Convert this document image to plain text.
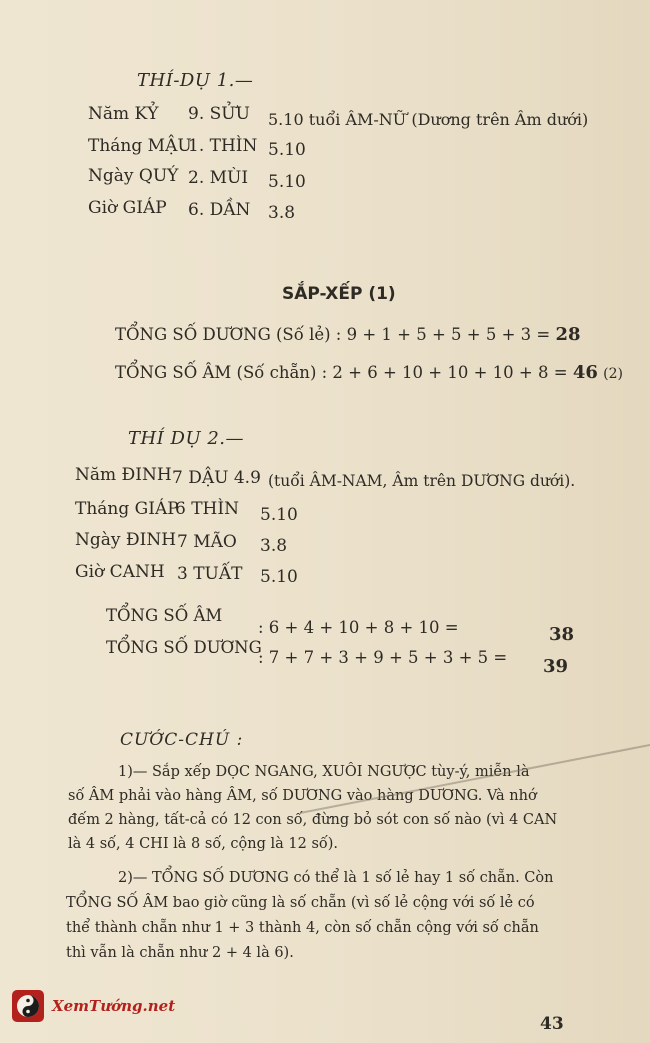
THÍ-DỤ 1.—
Năm KỶ 9. SỬU 5.10 tuổi ÂM-NỮ (Dương trên Âm dưới)
Tháng MẬU
1. THÌN 5.10
Ngày QUÝ 2. MÙI 5.10
Giờ GIÁP 6. DẦN 3.8
SẮP-XẾP (1)
TỔNG SỐ DƯƠNG (Số lẻ) : 9 + 1 + 5 + 5 + 5 + 3 = 28
TỔNG SỐ ÂM (Số chẵn) : 2 + 6 + 10 + 10 + 10 + 8 = 46 (2)
THÍ DỤ 2.—
Năm ĐINH 7 DẬU 4.9 (tuổi ÂM-NAM, Âm trên DƯƠNG dưới).
Tháng GIÁP
6 THÌN 5.10
Ngày ĐINH 7 MÃO 3.8
Giờ CANH 3 TUẤT 5.10
TỔNG SỐ ÂM
: 6 + 4 + 10 + 8 + 10 =	38
TỔNG SỐ DƯƠNG
: 7 + 7 + 3 + 9 + 5 + 3 + 5 = 39
CƯỚC-CHÚ :
1)— Sắp xếp DỌC NGANG, XUÔI NGƯỢC tùy-ý, miễn là
số ÂM phải vào hàng ÂM, số DƯƠNG vào hàng DƯƠNG. Và nhớ
đếm 2 hàng, tất-cả có 12 con số, đừng bỏ sót con số nào (vì 4 CAN
là 4 số, 4 CHI là 8 số, cộng là 12 số).
2)— TỔNG SỐ DƯƠNG có thể là 1 số lẻ hay 1 số chẵn. Còn
TỔNG SỐ ÂM bao giờ cũng là số chẵn (vì số lẻ cộng với số lẻ có
thể thành chẵn như 1 + 3 thành 4, còn số chẵn cộng với số chẵn
thì vẫn là chẵn như 2 + 4 là 6).
XemTướng.net
43
